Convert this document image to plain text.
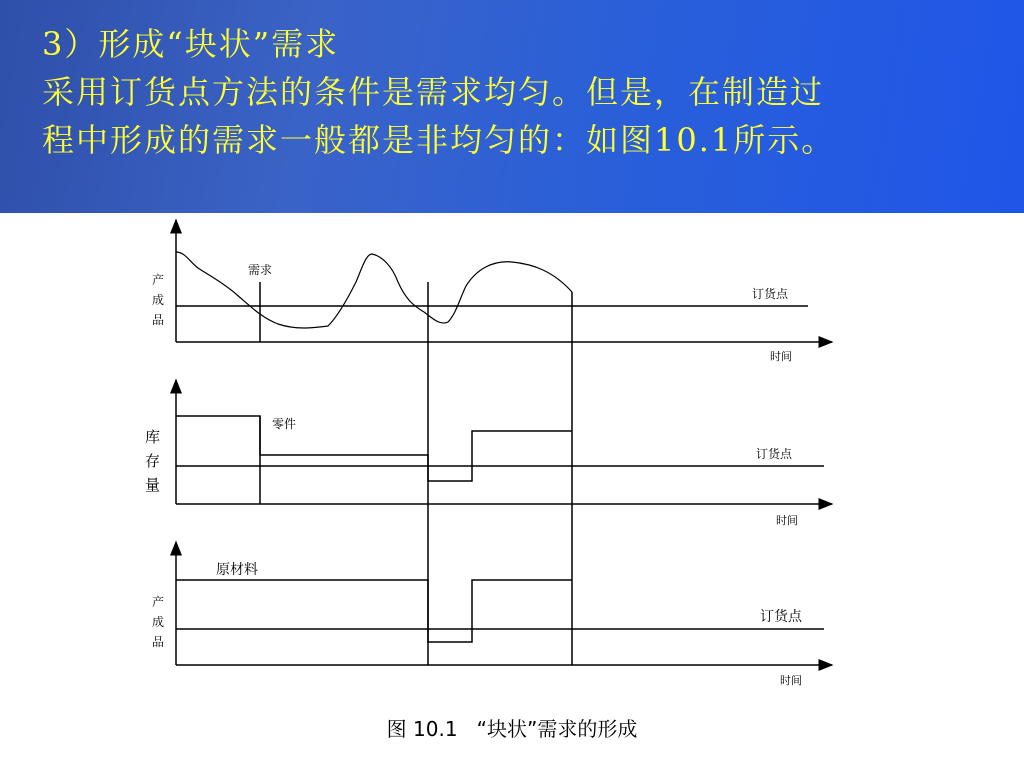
3）形成“块状”需求
采用订货点方法的条件是需求均匀。但是，在制造过
程中形成的需求一般都是非均匀的：如图10.1所示。
产
成
品
需求
订货点
时间
库
存
量
零件
订货点
时间
产
成
品
原材料
订货点
时间
图 10.1   “块状”需求的形成
